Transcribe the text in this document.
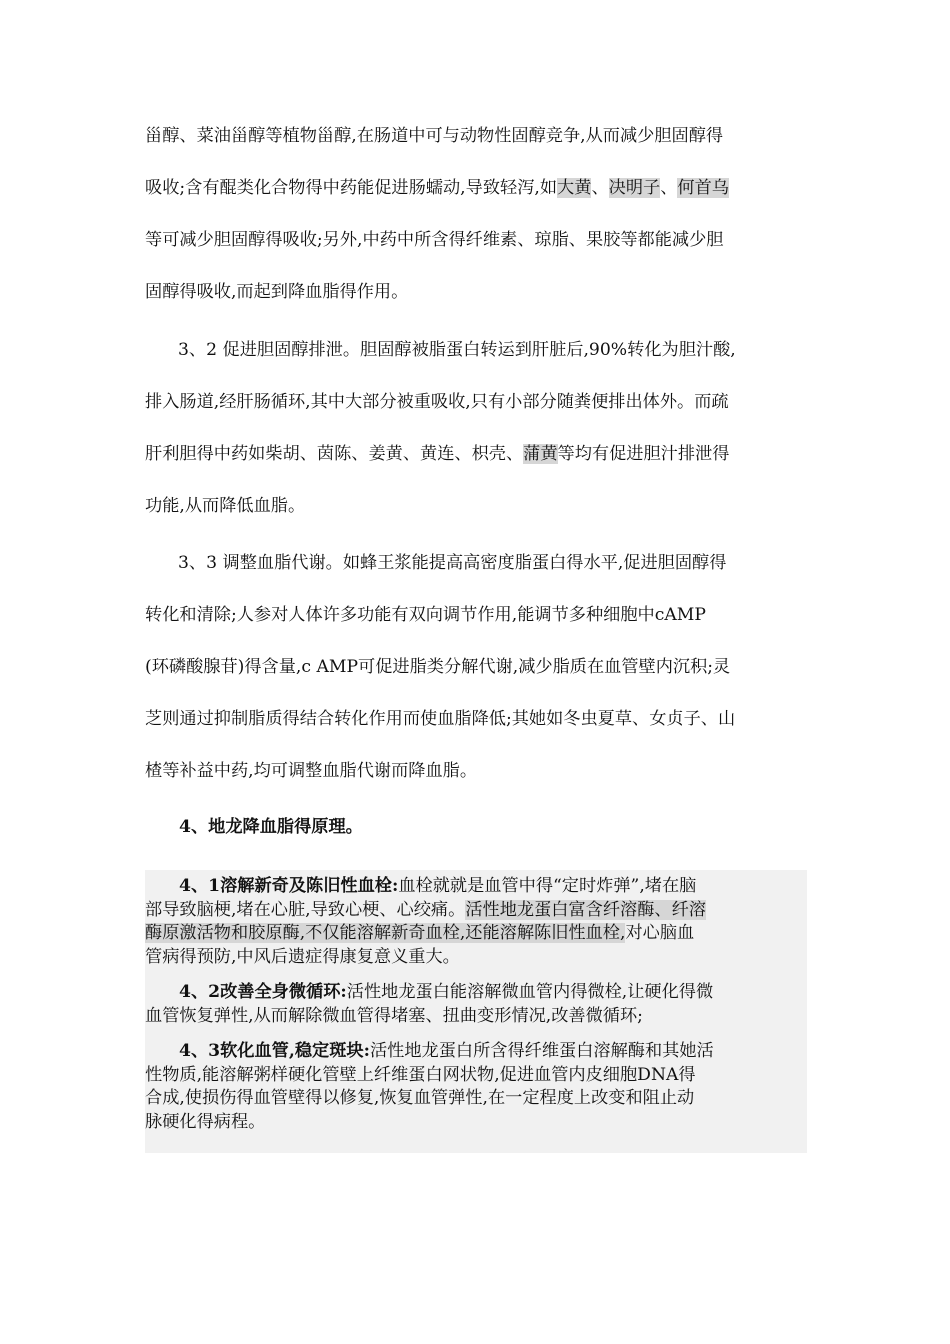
甾醇、菜油甾醇等植物甾醇,在肠道中可与动物性固醇竞争,从而减少胆固醇得
吸收;含有醌类化合物得中药能促进肠蠕动,导致轻泻,如大黄、决明子、何首乌
等可减少胆固醇得吸收;另外,中药中所含得纤维素、琼脂、果胶等都能减少胆
固醇得吸收,而起到降血脂得作用。
3、2 促进胆固醇排泄。胆固醇被脂蛋白转运到肝脏后,90%转化为胆汁酸,
排入肠道,经肝肠循环,其中大部分被重吸收,只有小部分随粪便排出体外。而疏
肝利胆得中药如柴胡、茵陈、姜黄、黄连、枳壳、蒲黄等均有促进胆汁排泄得
功能,从而降低血脂。
3、3 调整血脂代谢。如蜂王浆能提高高密度脂蛋白得水平,促进胆固醇得
转化和清除;人参对人体许多功能有双向调节作用,能调节多种细胞中cAMP
(环磷酸腺苷)得含量,c AMP可促进脂类分解代谢,减少脂质在血管壁内沉积;灵
芝则通过抑制脂质得结合转化作用而使血脂降低;其她如冬虫夏草、女贞子、山
楂等补益中药,均可调整血脂代谢而降血脂。
4、地龙降血脂得原理。
4、1溶解新奇及陈旧性血栓:血栓就就是血管中得“定时炸弹”,堵在脑
部导致脑梗,堵在心脏,导致心梗、心绞痛。活性地龙蛋白富含纤溶酶、纤溶
酶原激活物和胶原酶,不仅能溶解新奇血栓,还能溶解陈旧性血栓,对心脑血
管病得预防,中风后遗症得康复意义重大。
4、2改善全身微循环:活性地龙蛋白能溶解微血管内得微栓,让硬化得微
血管恢复弹性,从而解除微血管得堵塞、扭曲变形情况,改善微循环;
4、3软化血管,稳定斑块:活性地龙蛋白所含得纤维蛋白溶解酶和其她活
性物质,能溶解粥样硬化管壁上纤维蛋白网状物,促进血管内皮细胞DNA得
合成,使损伤得血管壁得以修复,恢复血管弹性,在一定程度上改变和阻止动
脉硬化得病程。
